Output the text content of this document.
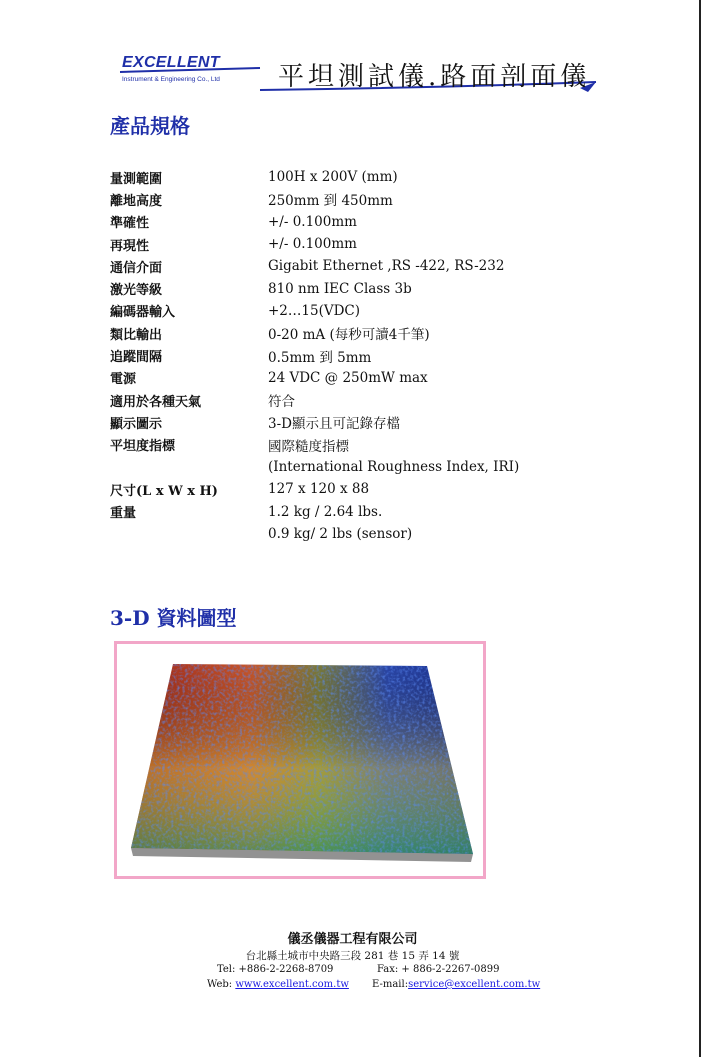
EXCELLENT
Instrument & Engineering Co., Ltd 平坦測試儀.路面剖面儀
產品規格
量測範圍	100H x 200V (mm)
離地高度	250mm 到 450mm
準確性	+/- 0.100mm
再現性	+/- 0.100mm
通信介面	Gigabit Ethernet ,RS -422, RS-232
激光等級	810 nm IEC Class 3b
編碼器輸入	+2…15(VDC)
類比輸出	0-20 mA (每秒可讀4千筆)
追蹤間隔	0.5mm 到 5mm
電源	24 VDC @ 250mW max
適用於各種天氣	符合
顯示圖示	3-D顯示且可記錄存檔
平坦度指標	國際糙度指標
(International Roughness Index, IRI)
尺寸(L x W x H)	127 x 120 x 88
重量	1.2 kg / 2.64 lbs.
0.9 kg/ 2 lbs (sensor)
3-D 資料圖型
儀丞儀器工程有限公司
台北縣土城市中央路三段 281 巷 15 弄 14 號
Tel: +886-2-2268-8709	Fax: + 886-2-2267-0899
Web: www.excellent.com.tw E-mail:service@excellent.com.tw
